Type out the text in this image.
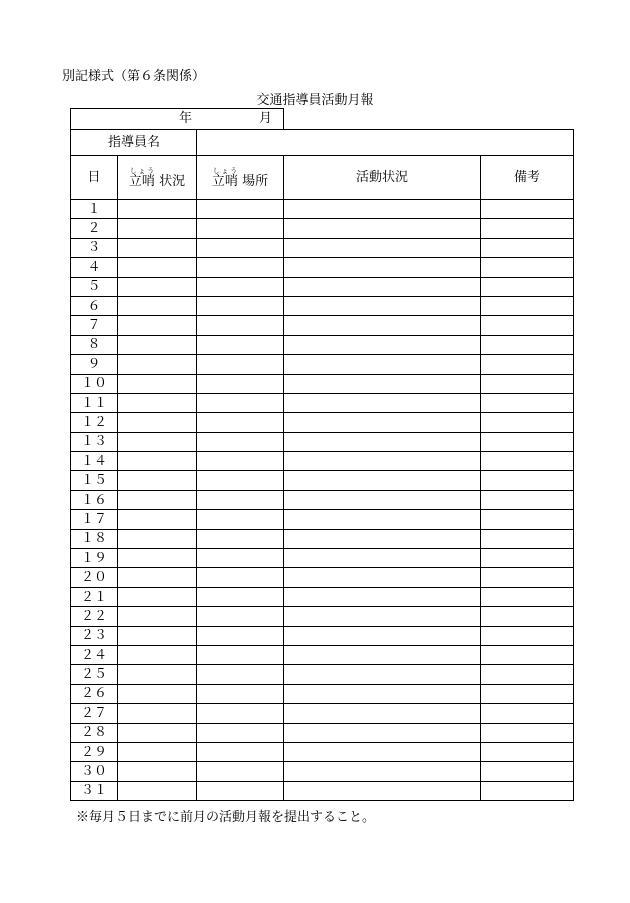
別記様式（第６条関係）
交通指導員活動月報
年 月				

指導員名				
日	立哨しょう 状況	立哨しょう 場所	活動状況	備考
１				
２				
３				
４				
５				
６				
７				
８				
９				
１０				
１１				
１２				
１３				
１４				
１５				
１６				
１７				
１８				
１９				
２０				
２１				
２２				
２３				
２４				
２５				
２６				
２７				
２８				
２９				
３０				
３１				
※毎月５日までに前月の活動月報を提出すること。
